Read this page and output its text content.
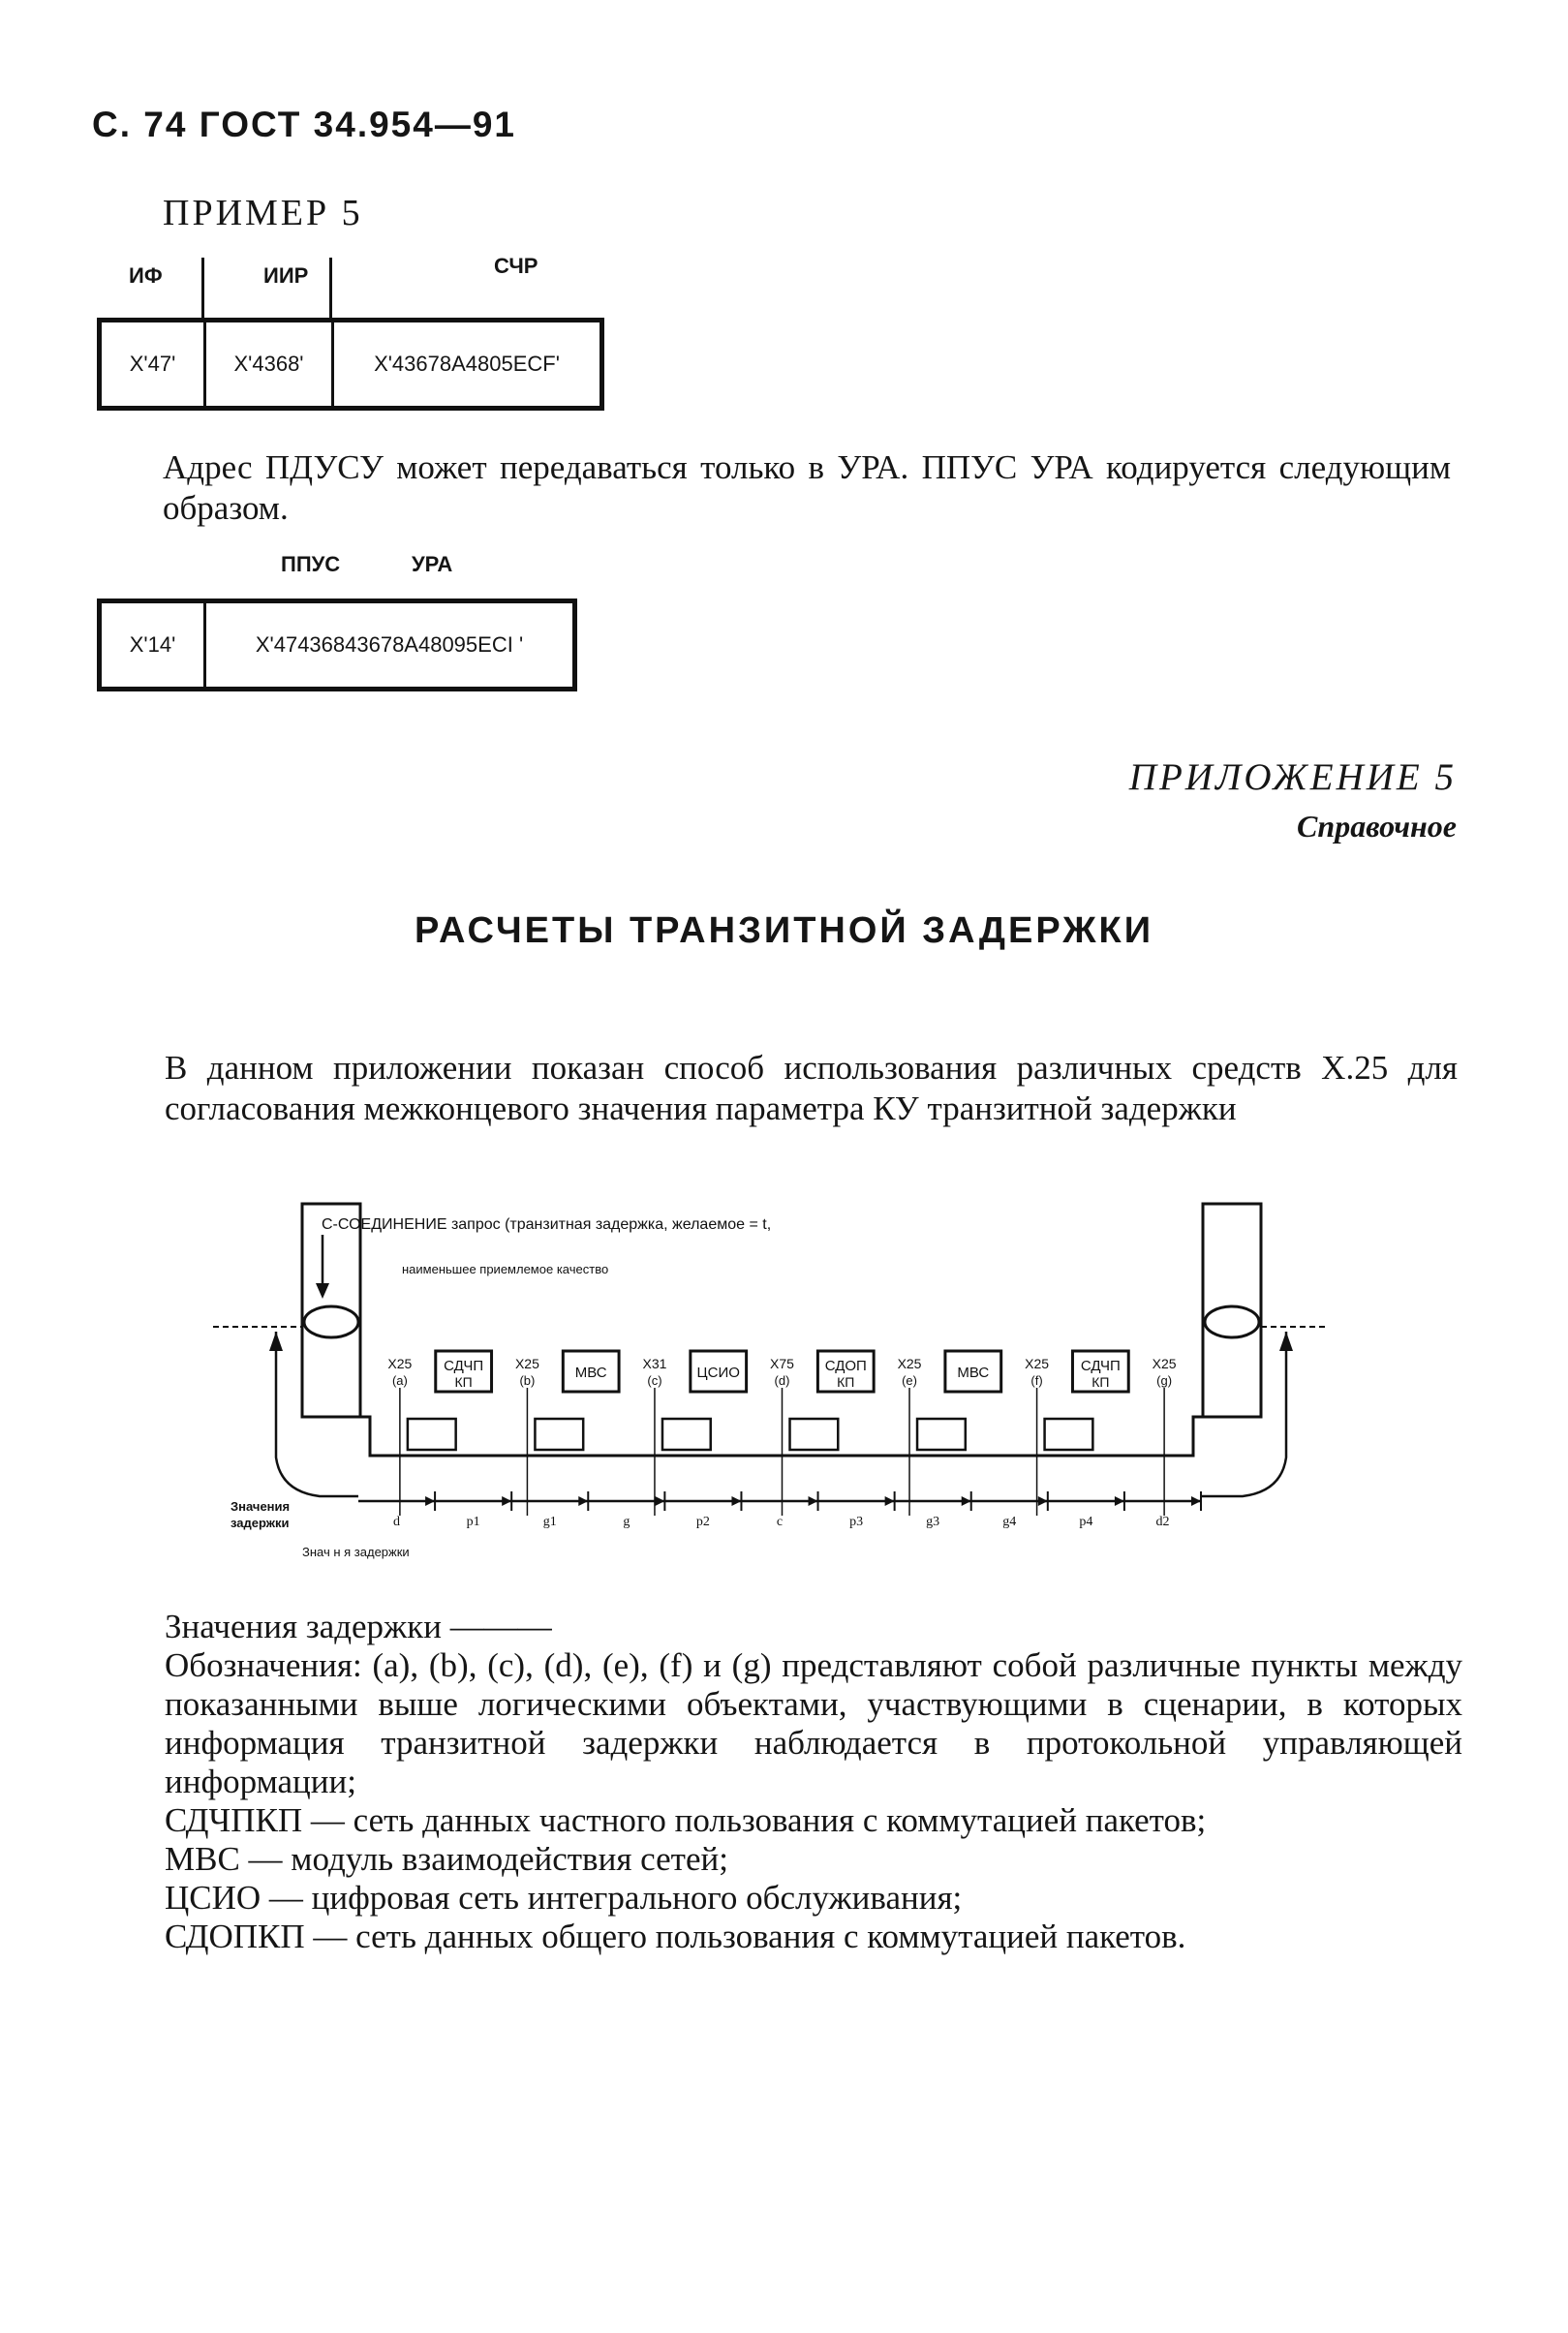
С. 74 ГОСТ 34.954—91
ПРИМЕР 5
ИФ	ИИР	СЧР
X'47'	X'4368'	X'43678A4805ECF'
Адрес ПДУСУ может передаваться только в УРА. ППУС УРА кодируется следующим образом.
ППУС	УРА
X'14'	X'47436843678A48095ECI '
ПРИЛОЖЕНИЕ 5
Справочное
РАСЧЕТЫ ТРАНЗИТНОЙ ЗАДЕРЖКИ
В данном приложении показан способ использования различных средств X.25 для согласования межконцевого значения параметра КУ транзитной задержки
С-СОЕДИНЕНИЕ запрос (транзитная задержка, желаемое = t,
наименьшее приемлемое качество
X25
(a)
СДЧП
КП
X25
(b)	МВС
X31
(c) ЦСИО
X75
(d)
СДОП
КП
X25
(e)	МВС
X25
(f)
СДЧП
КП
X25
(g)
d	p1	g1	g	p2	c	p3	g3	g4	p4	d2
Значения
задержки
Знач н я задержки
Значения задержки ———
Обозначения: (a), (b), (c), (d), (e), (f) и (g) представляют собой различные пункты между показанными выше логическими объектами, участвующими в сценарии, в которых информация транзитной задержки наблюдается в протокольной управляющей информации;
СДЧПКП — сеть данных частного пользования с коммутацией пакетов;
МВС — модуль взаимодействия сетей;
ЦСИО — цифровая сеть интегрального обслуживания;
СДОПКП — сеть данных общего пользования с коммутацией пакетов.
